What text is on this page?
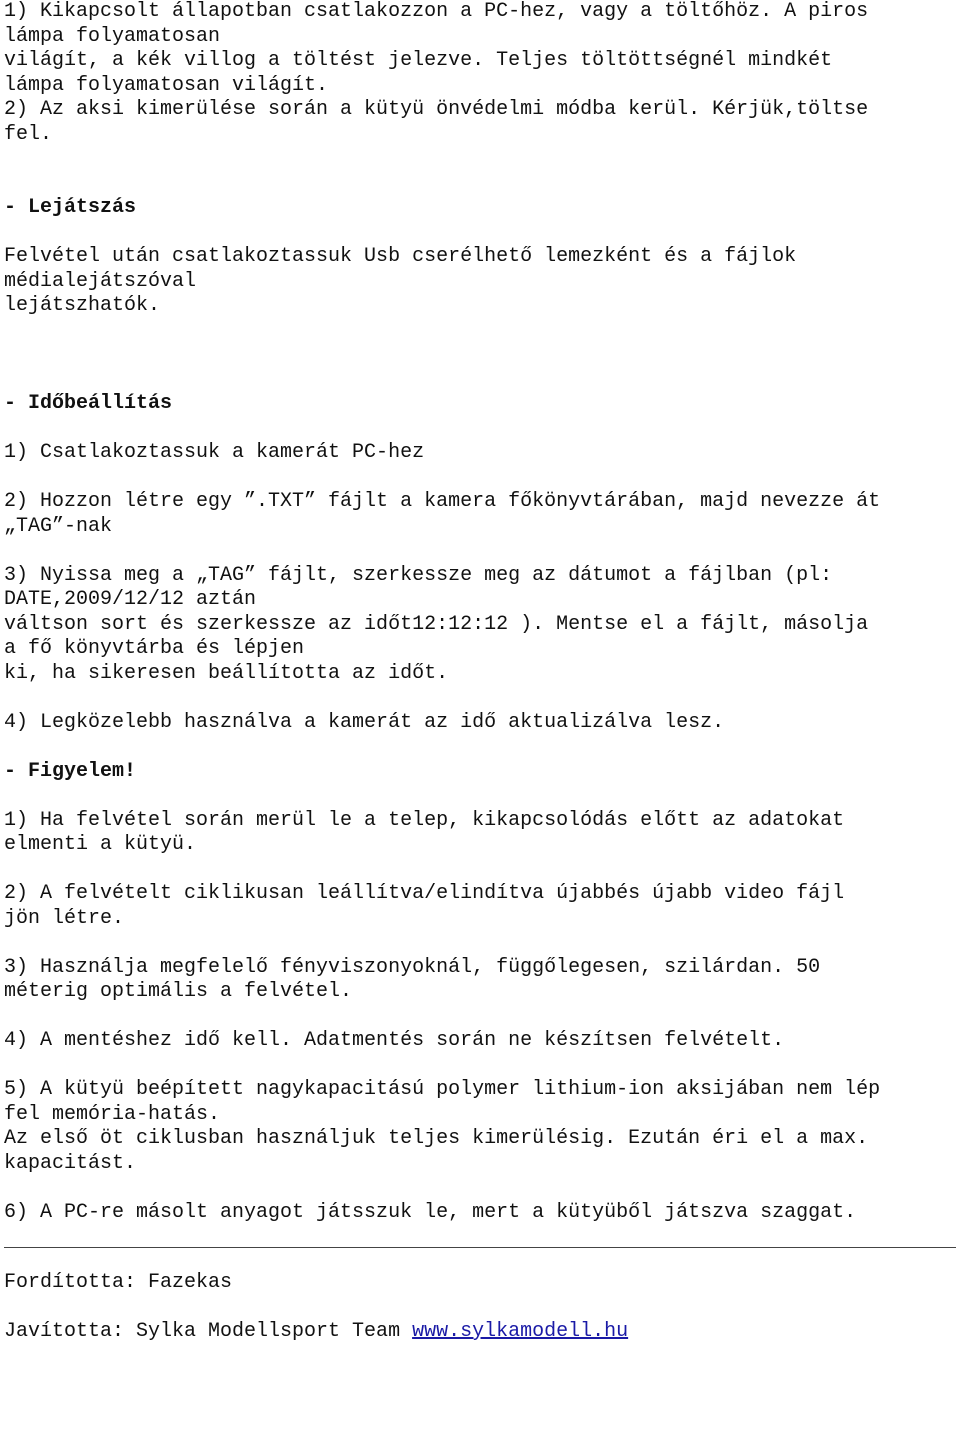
1) Kikapcsolt állapotban csatlakozzon a PC-hez, vagy a töltőhöz. A piros
lámpa folyamatosan
világít, a kék villog a töltést jelezve. Teljes töltöttségnél mindkét
lámpa folyamatosan világít.
2) Az aksi kimerülése során a kütyü önvédelmi módba kerül. Kérjük,töltse
fel.
- Lejátszás
Felvétel után csatlakoztassuk Usb cserélhető lemezként és a fájlok
médialejátszóval
lejátszhatók.
- Időbeállítás
1) Csatlakoztassuk a kamerát PC-hez
2) Hozzon létre egy ”.TXT” fájlt a kamera főkönyvtárában, majd nevezze át
„TAG”-nak
3) Nyissa meg a „TAG” fájlt, szerkessze meg az dátumot a fájlban (pl:
DATE,2009/12/12 aztán
váltson sort és szerkessze az időt12:12:12 ). Mentse el a fájlt, másolja
a fő könyvtárba és lépjen
ki, ha sikeresen beállította az időt.
4) Legközelebb használva a kamerát az idő aktualizálva lesz.
- Figyelem!
1) Ha felvétel során merül le a telep, kikapcsolódás előtt az adatokat
elmenti a kütyü.
2) A felvételt ciklikusan leállítva/elindítva újabbés újabb video fájl
jön létre.
3) Használja megfelelő fényviszonyoknál, függőlegesen, szilárdan. 50
méterig optimális a felvétel.
4) A mentéshez idő kell. Adatmentés során ne készítsen felvételt.
5) A kütyü beépített nagykapacitású polymer lithium-ion aksijában nem lép
fel memória-hatás.
Az első öt ciklusban használjuk teljes kimerülésig. Ezután éri el a max.
kapacitást.
6) A PC-re másolt anyagot játsszuk le, mert a kütyüből játszva szaggat.
Fordította: Fazekas
Javította: Sylka Modellsport Team www.sylkamodell.hu
